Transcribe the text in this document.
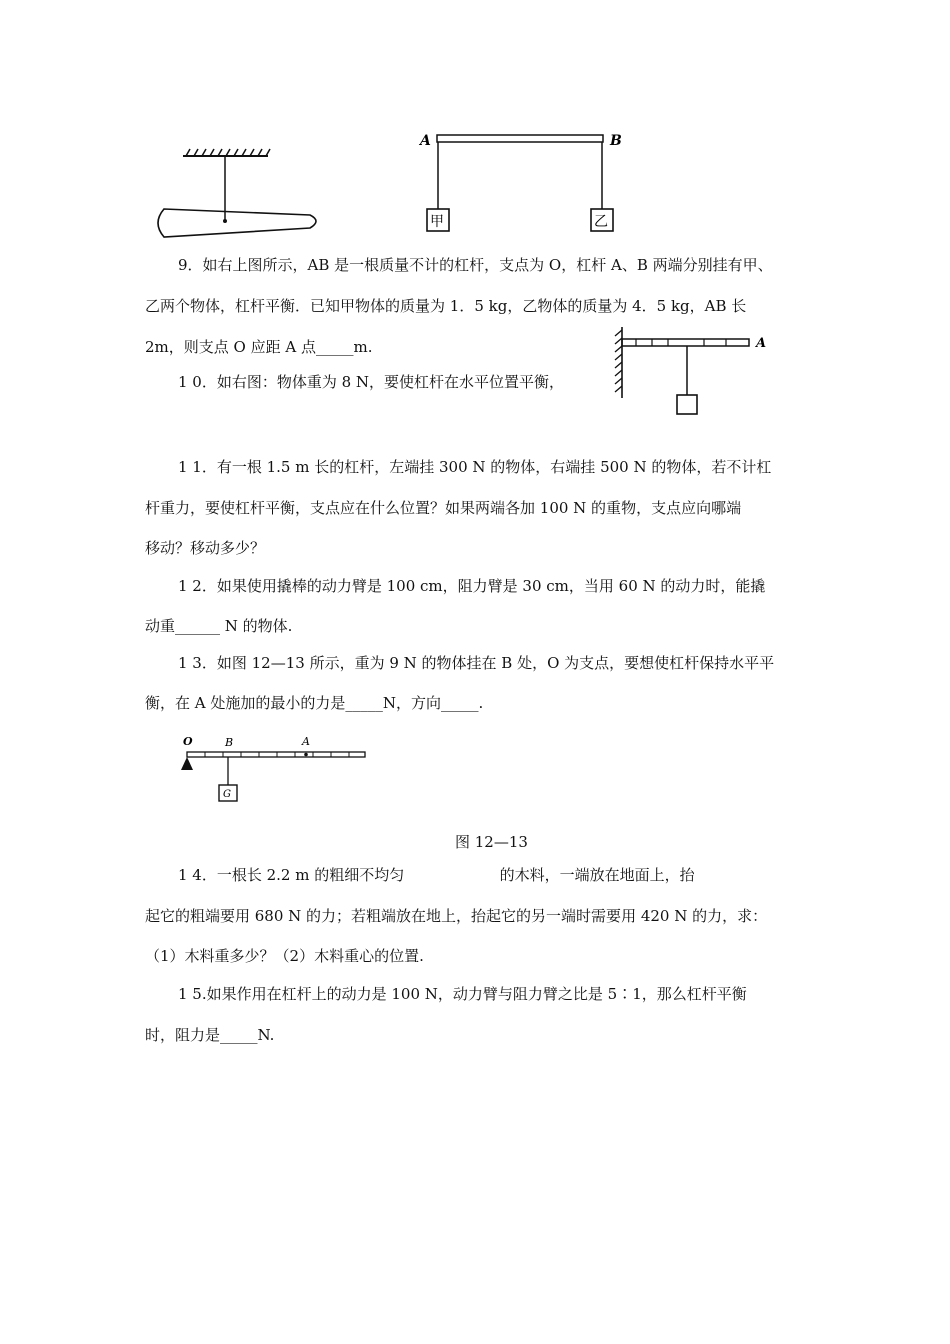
A	B
甲	乙
A
O	B	A
G
9．如右上图所示，AB 是一根质量不计的杠杆，支点为 O，杠杆 A、B 两端分别挂有甲、
乙两个物体，杠杆平衡．已知甲物体的质量为 1．5 kg，乙物体的质量为 4．5 kg，AB 长
2m，则支点 O 应距 A 点_____m.
1 0．如右图：物体重为 8 N，要使杠杆在水平位置平衡，
1 1．有一根 1.5 m 长的杠杆，左端挂 300 N 的物体，右端挂 500 N 的物体，若不计杠
杆重力，要使杠杆平衡，支点应在什么位置？如果两端各加 100 N 的重物，支点应向哪端
移动？移动多少？
1 2．如果使用撬棒的动力臂是 100 cm，阻力臂是 30 cm，当用 60 N 的动力时，能撬
动重______ N 的物体.
1 3．如图 12—13 所示，重为 9 N 的物体挂在 B 处，O 为支点，要想使杠杆保持水平平
衡，在 A 处施加的最小的力是_____N，方向_____.
图 12—13
1 4．一根长 2.2 m 的粗细不均匀                    的木料，一端放在地面上，抬
起它的粗端要用 680 N 的力；若粗端放在地上，抬起它的另一端时需要用 420 N 的力，求：
（1）木料重多少？（2）木料重心的位置.
1 5.如果作用在杠杆上的动力是 100 N，动力臂与阻力臂之比是 5∶1，那么杠杆平衡
时，阻力是_____N.
